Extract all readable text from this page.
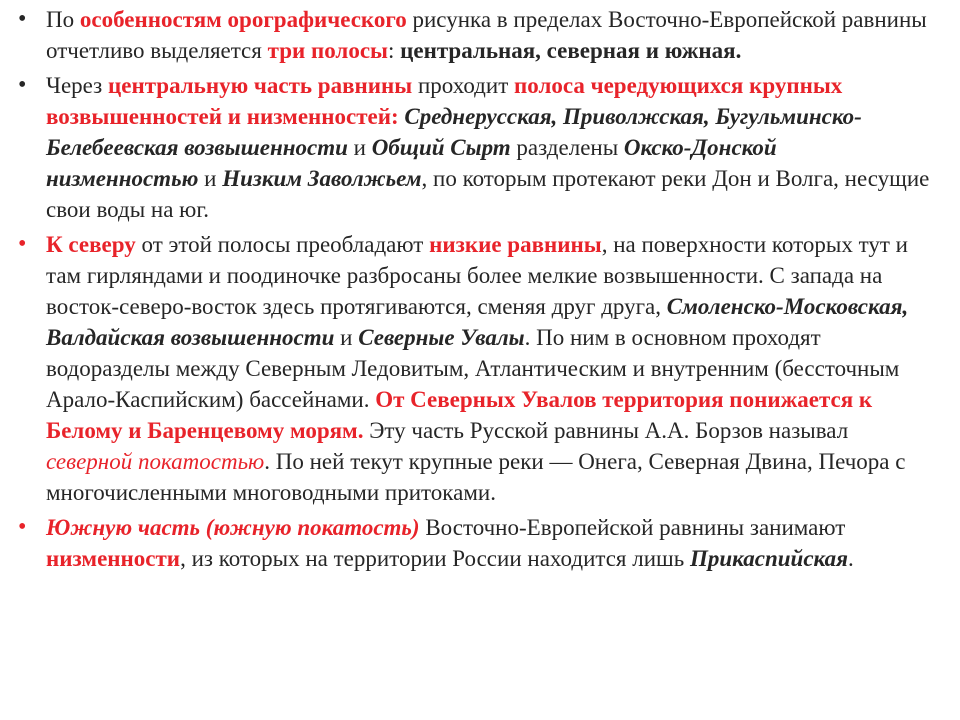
• По особенностям орографического рисунка в пределах Восточно-Европейской равнины отчетливо выделяется три полосы: центральная, северная и южная.
• Через центральную часть равнины проходит полоса чередующихся крупных возвышенностей и низменностей: Среднерусская, Приволжская, Бугульминско-Белебеевская возвышенности и Общий Сырт разделены Окско-Донской низменностью и Низким Заволжьем, по которым протекают реки Дон и Волга, несущие свои воды на юг.
• К северу от этой полосы преобладают низкие равнины, на поверхности которых тут и там гирляндами и поодиночке разбросаны более мелкие возвышенности. С запада на восток-северо-восток здесь протягиваются, сменяя друг друга, Смоленско-Московская, Валдайская возвышенности и Северные Увалы. По ним в основном проходят водоразделы между Северным Ледовитым, Атлантическим и внутренним (бессточным Арало-Каспийским) бассейнами. От Северных Увалов территория понижается к Белому и Баренцевому морям. Эту часть Русской равнины А.А. Борзов называл северной покатостью. По ней текут крупные реки — Онега, Северная Двина, Печора с многочисленными многоводными притоками.
• Южную часть (южную покатость) Восточно-Европейской равнины занимают низменности, из которых на территории России находится лишь Прикаспийская.
